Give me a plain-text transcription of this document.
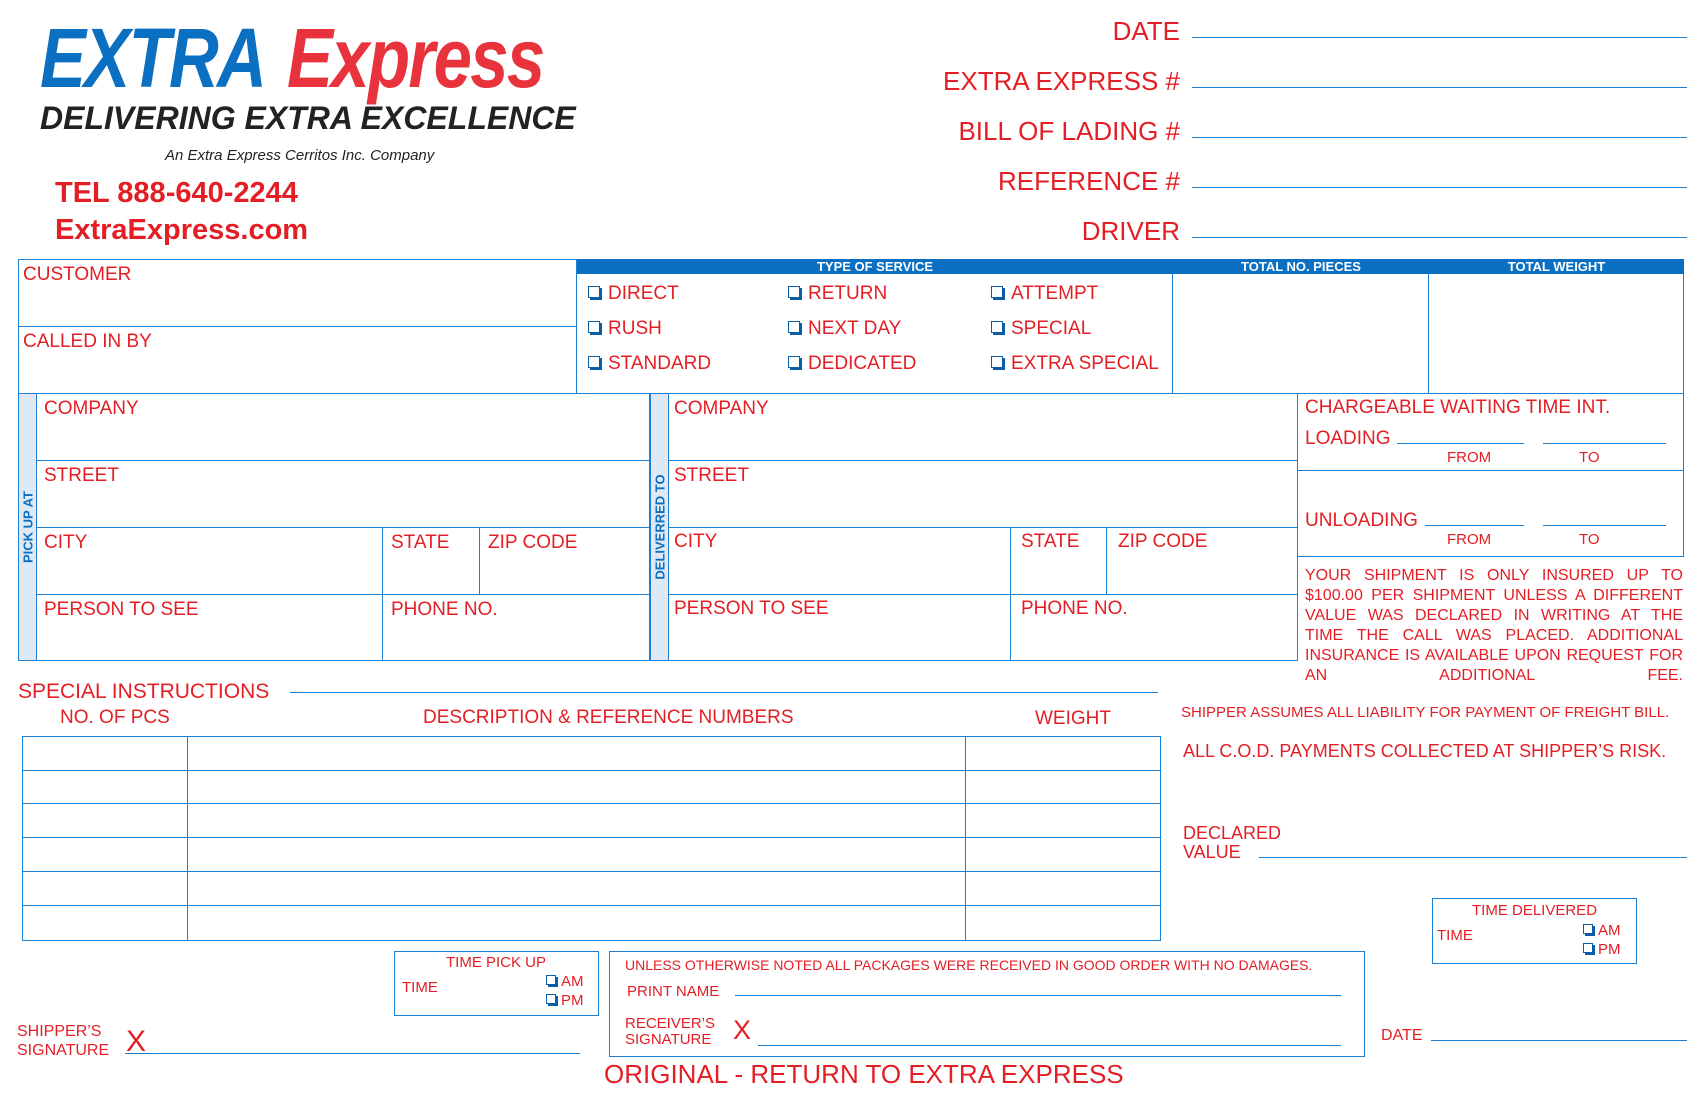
EXTRA Express
DELIVERING EXTRA EXCELLENCE
An Extra Express Cerritos Inc. Company
TEL 888-640-2244
ExtraExpress.com
DATE
EXTRA EXPRESS #
BILL OF LADING #
REFERENCE #
DRIVER
CUSTOMER
CALLED IN BY
TYPE OF SERVICE	TOTAL NO. PIECES	TOTAL WEIGHT
DIRECT	RETURN	ATTEMPT
RUSH	NEXT DAY	SPECIAL
STANDARD	DEDICATED	EXTRA SPECIAL
PICK UP AT
COMPANY
STREET
CITY	STATE ZIP CODE
PERSON TO SEE	PHONE NO.
DELIVERRED TO
COMPANY
STREET
CITY	STATE ZIP CODE
PERSON TO SEE	PHONE NO.
CHARGEABLE WAITING TIME INT.
LOADING
FROM	TO
UNLOADING
FROM	TO
YOUR SHIPMENT IS ONLY INSURED UP TO
$100.00 PER SHIPMENT UNLESS A DIFFERENT
VALUE WAS DECLARED IN WRITING AT THE
TIME THE CALL WAS PLACED. ADDITIONAL
INSURANCE IS AVAILABLE UPON REQUEST FOR
AN ADDITIONAL FEE.
SPECIAL INSTRUCTIONS
NO. OF PCS	DESCRIPTION & REFERENCE NUMBERS	WEIGHT	SHIPPER ASSUMES ALL LIABILITY FOR PAYMENT OF FREIGHT BILL.
ALL C.O.D. PAYMENTS COLLECTED AT SHIPPER’S RISK.
DECLARED
VALUE
TIME DELIVERED
TIME	AM
PM
TIME PICK UP
TIME	AM
PM
UNLESS OTHERWISE NOTED ALL PACKAGES WERE RECEIVED IN GOOD ORDER WITH NO DAMAGES.
PRINT NAME
RECEIVER’S
SIGNATURE X
SHIPPER’S
SIGNATURE X	DATE
ORIGINAL - RETURN TO EXTRA EXPRESS
